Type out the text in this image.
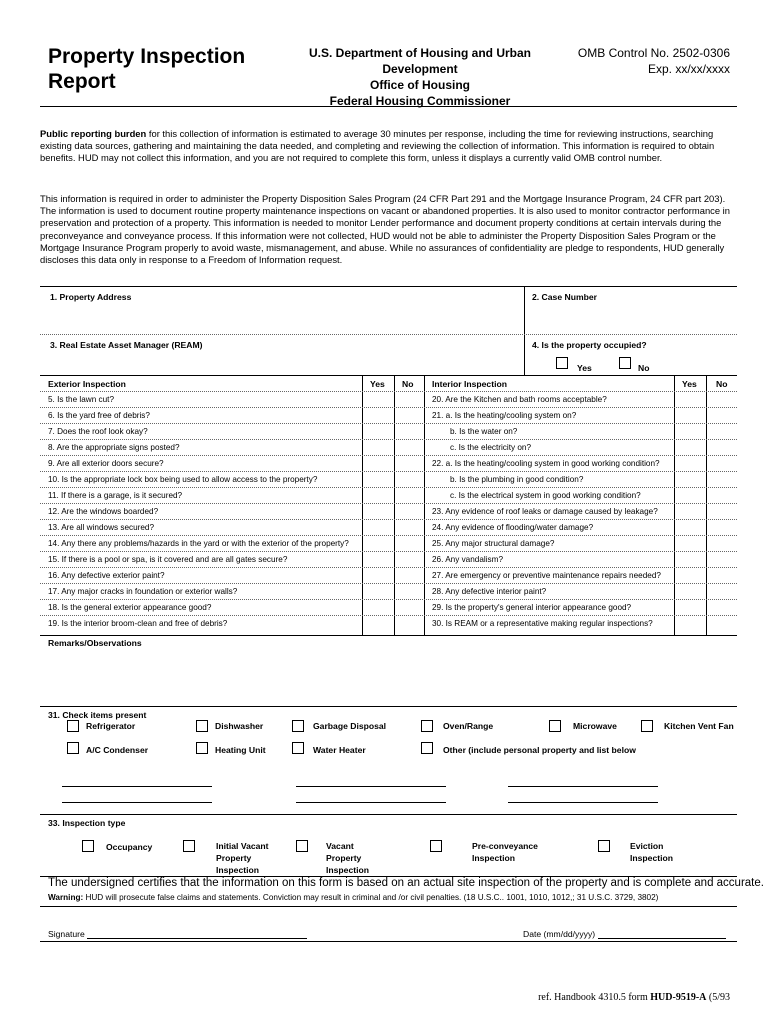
Property Inspection
Report
U.S. Department of Housing and Urban
Development
Office of Housing
Federal Housing Commissioner
OMB Control No. 2502-0306
Exp. xx/xx/xxxx
Public reporting burden for this collection of information is estimated to average 30 minutes per response, including the time for reviewing instructions, searching existing data sources, gathering and maintaining the data needed, and completing and reviewing the collection of information. This information is required to obtain benefits. HUD may not collect this information, and you are not required to complete this form, unless it displays a currently valid OMB control number.
This information is required in order to administer the Property Disposition Sales Program (24 CFR Part 291 and the Mortgage Insurance Program, 24 CFR part 203). The information is used to document routine property maintenance inspections on vacant or abandoned properties. It is also used to monitor contractor performance in preservation and protection of a property. This information is needed to monitor Lender performance and document property conditions at certain intervals during the preconveyance and conveyance process. If this information were not collected, HUD would not be able to administer the Property Disposition Sales Program or the Mortgage Insurance Program properly to avoid waste, mismanagement, and abuse. While no assurances of confidentiality are pledge to respondents, HUD generally discloses this data only in response to a Freedom of Information request.
1. Property Address	2. Case Number
3. Real Estate Asset Manager (REAM)	4. Is the property occupied?
Yes	No
Exterior Inspection	Yes No Interior Inspection	Yes No
5. Is the lawn cut?	20. Are the Kitchen and bath rooms acceptable?
6. Is the yard free of debris?	21. a. Is the heating/cooling system on?
7. Does the roof look okay?	b. Is the water on?
8. Are the appropriate signs posted?	c. Is the electricity on?
9. Are all exterior doors secure?	22. a. Is the heating/cooling system in good working condition?
10. Is the appropriate lock box being used to allow access to the property?	b. Is the plumbing in good condition?
11. If there is a garage, is it secured?	c. Is the electrical system in good working condition?
12. Are the windows boarded?	23. Any evidence of roof leaks or damage caused by leakage?
13. Are all windows secured?	24. Any evidence of flooding/water damage?
14. Any there any problems/hazards in the yard or with the exterior of the property?	25. Any major structural damage?
15. If there is a pool or spa, is it covered and are all gates secure?	26. Any vandalism?
16. Any defective exterior paint?	27. Are emergency or preventive maintenance repairs needed?
17. Any major cracks in foundation or exterior walls?	28. Any defective interior paint?
18. Is the general exterior appearance good?	29. Is the property's general interior appearance good?
19. Is the interior broom-clean and free of debris?	30. Is REAM or a representative making regular inspections?
Remarks/Observations
31. Check items present
Refrigerator	Dishwasher	Garbage Disposal	Oven/Range	Microwave	Kitchen Vent Fan
A/C Condenser	Heating Unit	Water Heater	Other (include personal property and list below
33. Inspection type
Occupancy	Initial Vacant
Property
Inspection
Vacant
Property
Inspection
Pre-conveyance
Inspection
Eviction
Inspection
The undersigned certifies that the information on this form is based on an actual site inspection of the property and is complete and accurate.
Warning: HUD will prosecute false claims and statements. Conviction may result in criminal and /or civil penalties. (18 U.S.C.. 1001, 1010, 1012,; 31 U.S.C. 3729, 3802)
Signature	Date (mm/dd/yyyy)
ref. Handbook 4310.5 form HUD-9519-A (5/93
